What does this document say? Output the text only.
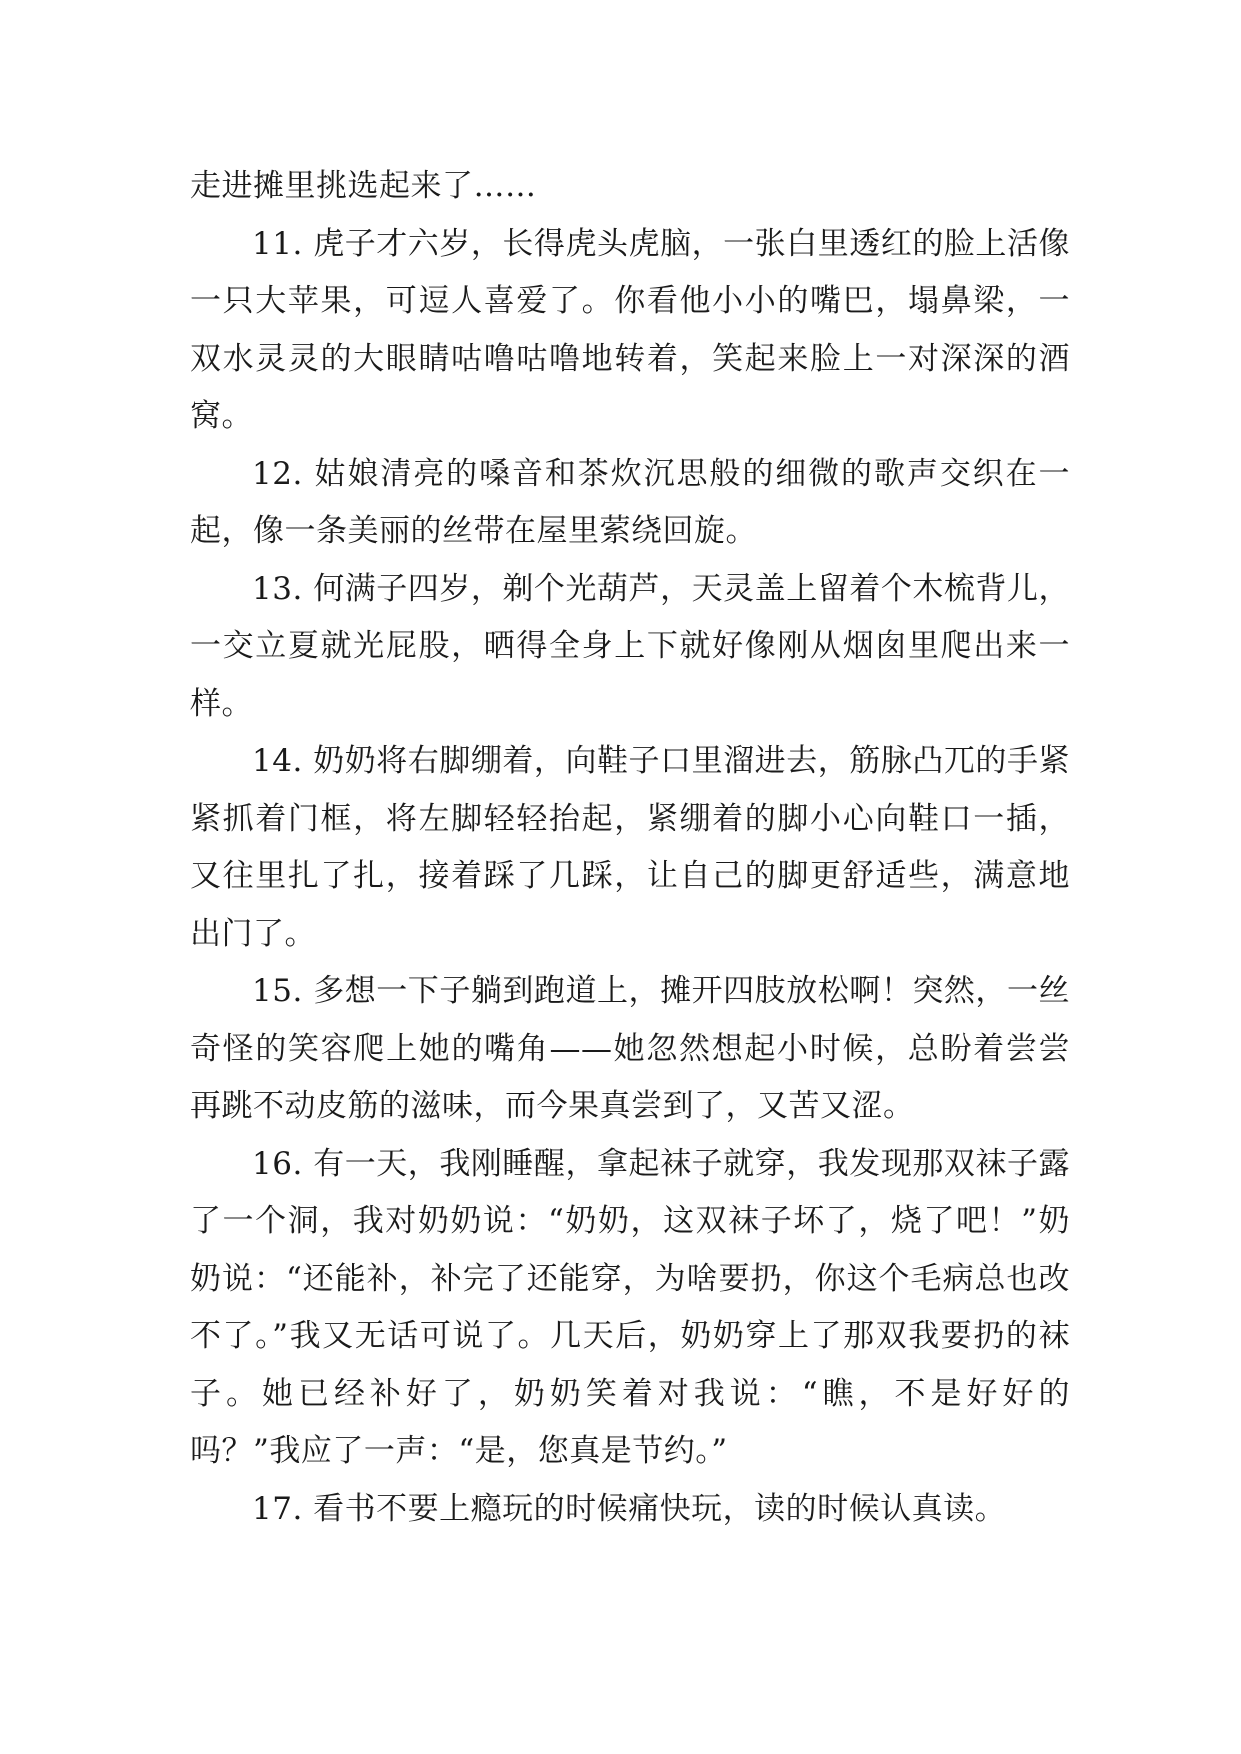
走进摊里挑选起来了……

11. 虎子才六岁，长得虎头虎脑，一张白里透红的脸上活像一只大苹果，可逗人喜爱了。你看他小小的嘴巴，塌鼻梁，一双水灵灵的大眼睛咕噜咕噜地转着，笑起来脸上一对深深的酒窝。

12. 姑娘清亮的嗓音和茶炊沉思般的细微的歌声交织在一起，像一条美丽的丝带在屋里萦绕回旋。

13. 何满子四岁，剃个光葫芦，天灵盖上留着个木梳背儿，一交立夏就光屁股，晒得全身上下就好像刚从烟囱里爬出来一样。

14. 奶奶将右脚绷着，向鞋子口里溜进去，筋脉凸兀的手紧紧抓着门框，将左脚轻轻抬起，紧绷着的脚小心向鞋口一插，又往里扎了扎，接着踩了几踩，让自己的脚更舒适些，满意地出门了。

15. 多想一下子躺到跑道上，摊开四肢放松啊！突然，一丝奇怪的笑容爬上她的嘴角——她忽然想起小时候，总盼着尝尝再跳不动皮筋的滋味，而今果真尝到了，又苦又涩。

16. 有一天，我刚睡醒，拿起袜子就穿，我发现那双袜子露了一个洞，我对奶奶说：“奶奶，这双袜子坏了，烧了吧！”奶奶说：“还能补，补完了还能穿，为啥要扔，你这个毛病总也改不了。”我又无话可说了。几天后，奶奶穿上了那双我要扔的袜子。她已经补好了，奶奶笑着对我说：“瞧，不是好好的吗？”我应了一声：“是，您真是节约。”

17. 看书不要上瘾玩的时候痛快玩，读的时候认真读。
